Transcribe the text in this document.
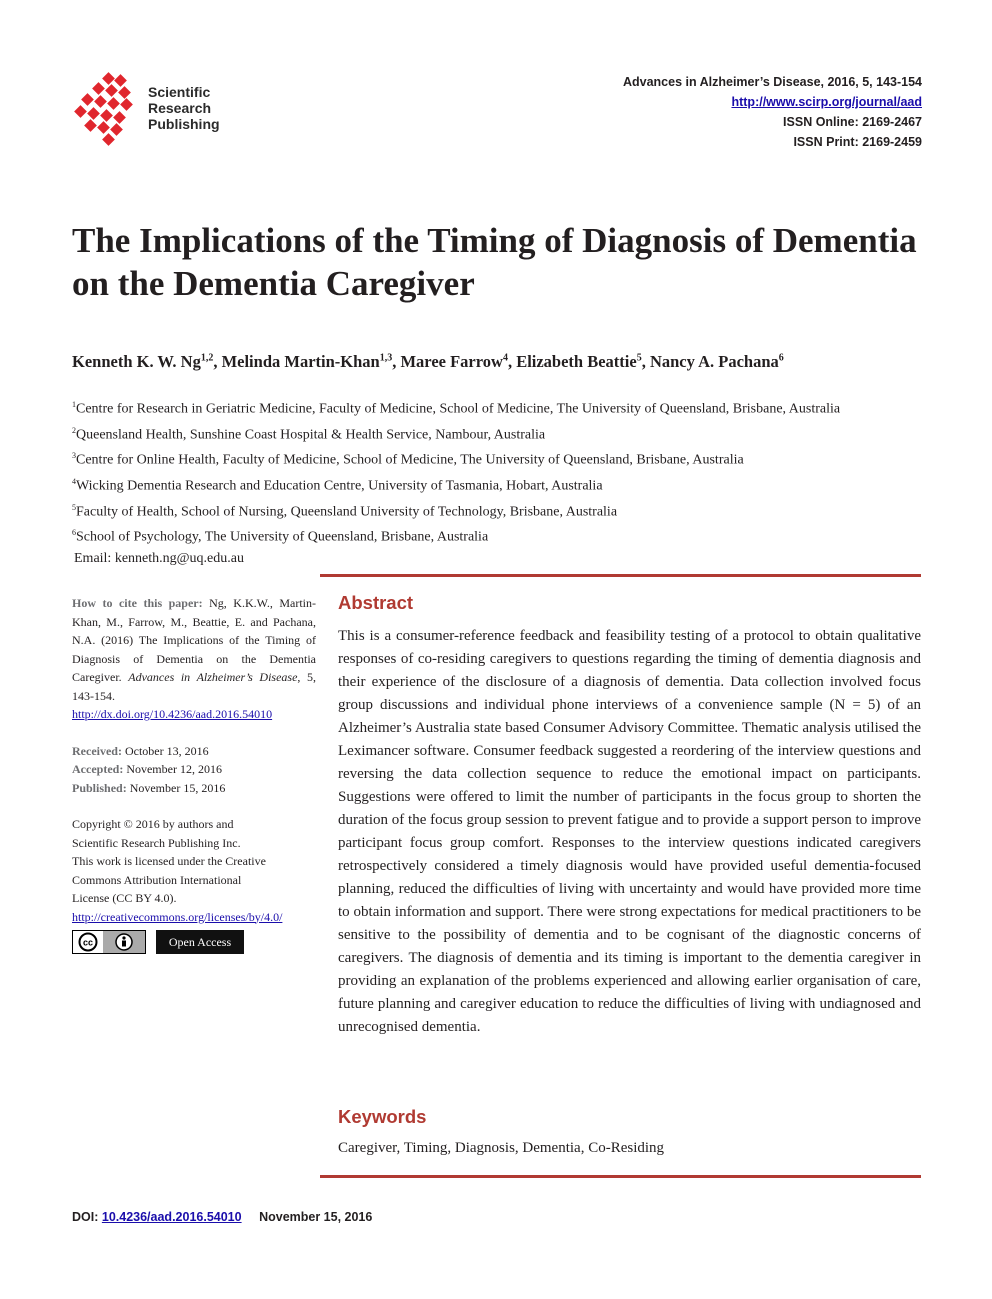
Scientific
Research
Publishing
Advances in Alzheimer’s Disease, 2016, 5, 143-154
http://www.scirp.org/journal/aad
ISSN Online: 2169-2467
ISSN Print: 2169-2459
The Implications of the Timing of Diagnosis of Dementia on the Dementia Caregiver
Kenneth K. W. Ng$^{1,2}$, Melinda Martin-Khan$^{1,3}$, Maree Farrow$^4$, Elizabeth Beattie$^5$, Nancy A. Pachana$^6$
$^1$Centre for Research in Geriatric Medicine, Faculty of Medicine, School of Medicine, The University of Queensland, Brisbane, Australia
$^2$Queensland Health, Sunshine Coast Hospital & Health Service, Nambour, Australia
$^3$Centre for Online Health, Faculty of Medicine, School of Medicine, The University of Queensland, Brisbane, Australia
$^4$Wicking Dementia Research and Education Centre, University of Tasmania, Hobart, Australia
$^5$Faculty of Health, School of Nursing, Queensland University of Technology, Brisbane, Australia
$^6$School of Psychology, The University of Queensland, Brisbane, Australia
Email: kenneth.ng@uq.edu.au
How to cite this paper: Ng, K.K.W., Martin-Khan, M., Farrow, M., Beattie, E. and Pachana, N.A. (2016) The Implications of the Timing of Diagnosis of Dementia on the Dementia Caregiver. Advances in Alzheimer’s Disease, 5, 143-154.
http://dx.doi.org/10.4236/aad.2016.54010
Received: October 13, 2016
Accepted: November 12, 2016
Published: November 15, 2016
Copyright © 2016 by authors and
Scientific Research Publishing Inc.
This work is licensed under the Creative
Commons Attribution International
License (CC BY 4.0).
http://creativecommons.org/licenses/by/4.0/
cc	Open Access
Abstract

This is a consumer-reference feedback and feasibility testing of a protocol to obtain qualitative responses of co-residing caregivers to questions regarding the timing of dementia diagnosis and their experience of the disclosure of a diagnosis of dementia. Data collection involved focus group discussions and individual phone interviews of a convenience sample (N = 5) of an Alzheimer’s Australia state based Consumer Advisory Committee. Thematic analysis utilised the Leximancer software. Consumer feedback suggested a reordering of the interview questions and reversing the data collection sequence to reduce the emotional impact on participants. Suggestions were offered to limit the number of participants in the focus group to shorten the duration of the focus group session to prevent fatigue and to provide a support person to improve participant focus group comfort. Responses to the interview questions indicated caregivers retrospectively considered a timely diagnosis would have provided useful dementia-focused planning, reduced the difficulties of living with uncertainty and would have provided more time to obtain information and support. There were strong expectations for medical practitioners to be sensitive to the possibility of dementia and to be cognisant of the diagnostic concerns of caregivers. The diagnosis of dementia and its timing is important to the dementia caregiver in providing an explanation of the problems experienced and allowing earlier organisation of care, future planning and caregiver education to reduce the difficulties of living with undiagnosed and unrecognised dementia.

Keywords

Caregiver, Timing, Diagnosis, Dementia, Co-Residing

DOI: 10.4236/aad.2016.54010 November 15, 2016
